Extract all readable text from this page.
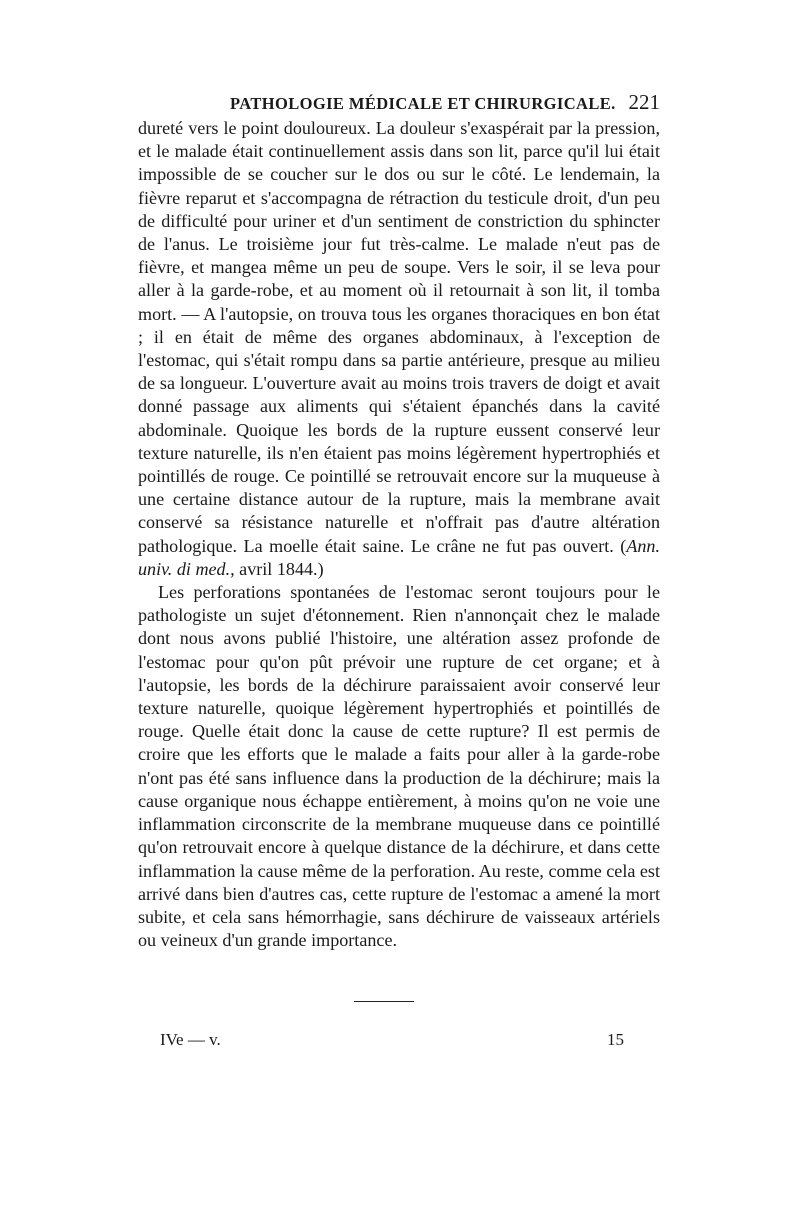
PATHOLOGIE MÉDICALE ET CHIRURGICALE. 221

dureté vers le point douloureux. La douleur s'exaspérait par la pression, et le malade était continuellement assis dans son lit, parce qu'il lui était impossible de se coucher sur le dos ou sur le côté. Le lendemain, la fièvre reparut et s'accompagna de rétraction du testicule droit, d'un peu de difficulté pour uriner et d'un sentiment de constriction du sphincter de l'anus. Le troisième jour fut très-calme. Le malade n'eut pas de fièvre, et mangea même un peu de soupe. Vers le soir, il se leva pour aller à la garde-robe, et au moment où il retournait à son lit, il tomba mort. — A l'autopsie, on trouva tous les organes thoraciques en bon état ; il en était de même des organes abdominaux, à l'exception de l'estomac, qui s'était rompu dans sa partie antérieure, presque au milieu de sa longueur. L'ouverture avait au moins trois travers de doigt et avait donné passage aux aliments qui s'étaient épanchés dans la cavité abdominale. Quoique les bords de la rupture eussent conservé leur texture naturelle, ils n'en étaient pas moins légèrement hypertrophiés et pointillés de rouge. Ce pointillé se retrouvait encore sur la muqueuse à une certaine distance autour de la rupture, mais la membrane avait conservé sa résistance naturelle et n'offrait pas d'autre altération pathologique. La moelle était saine. Le crâne ne fut pas ouvert. (Ann. univ. di med., avril 1844.)

Les perforations spontanées de l'estomac seront toujours pour le pathologiste un sujet d'étonnement. Rien n'annonçait chez le malade dont nous avons publié l'histoire, une altération assez profonde de l'estomac pour qu'on pût prévoir une rupture de cet organe; et à l'autopsie, les bords de la déchirure paraissaient avoir conservé leur texture naturelle, quoique légèrement hypertrophiés et pointillés de rouge. Quelle était donc la cause de cette rupture? Il est permis de croire que les efforts que le malade a faits pour aller à la garde-robe n'ont pas été sans influence dans la production de la déchirure; mais la cause organique nous échappe entièrement, à moins qu'on ne voie une inflammation circonscrite de la membrane muqueuse dans ce pointillé qu'on retrouvait encore à quelque distance de la déchirure, et dans cette inflammation la cause même de la perforation. Au reste, comme cela est arrivé dans bien d'autres cas, cette rupture de l'estomac a amené la mort subite, et cela sans hémorrhagie, sans déchirure de vaisseaux artériels ou veineux d'un grande importance.

IVe — v.	15
